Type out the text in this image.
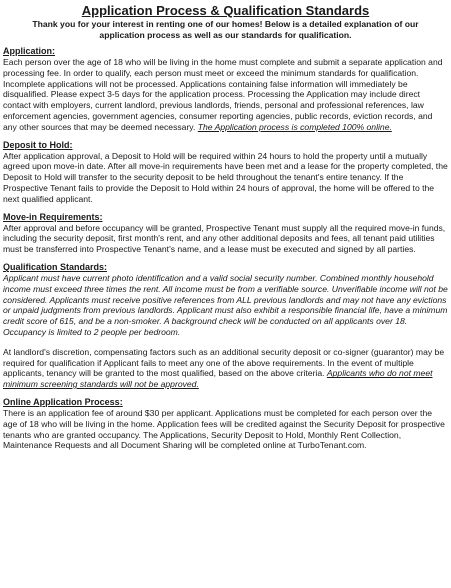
Application Process & Qualification Standards
Thank you for your interest in renting one of our homes! Below is a detailed explanation of our application process as well as our standards for qualification.
Application:

Each person over the age of 18 who will be living in the home must complete and submit a separate application and processing fee. In order to qualify, each person must meet or exceed the minimum standards for qualification. Incomplete applications will not be processed. Applications containing false information will immediately be disqualified. Please expect 3-5 days for the application process. Processing the Application may include direct contact with employers, current landlord, previous landlords, friends, personal and professional references, law enforcement agencies, government agencies, consumer reporting agencies, public records, eviction records, and any other sources that may be deemed necessary. The Application process is completed 100% online.

Deposit to Hold:

After application approval, a Deposit to Hold will be required within 24 hours to hold the property until a mutually agreed upon move-in date. After all move-in requirements have been met and a lease for the property completed, the Deposit to Hold will transfer to the security deposit to be held throughout the tenant's entire tenancy. If the Prospective Tenant fails to provide the Deposit to Hold within 24 hours of approval, the home will be offered to the next qualified applicant.

Move-in Requirements:

After approval and before occupancy will be granted, Prospective Tenant must supply all the required move-in funds, including the security deposit, first month's rent, and any other additional deposits and fees, all tenant paid utilities must be transferred into Prospective Tenant's name, and a lease must be executed and signed by all parties.

Qualification Standards:

Applicant must have current photo identification and a valid social security number. Combined monthly household income must exceed three times the rent. All income must be from a verifiable source. Unverifiable income will not be considered. Applicants must receive positive references from ALL previous landlords and may not have any evictions or unpaid judgments from previous landlords. Applicant must also exhibit a responsible financial life, have a minimum credit score of 615, and be a non-smoker. A background check will be conducted on all applicants over 18. Occupancy is limited to 2 people per bedroom.

At landlord's discretion, compensating factors such as an additional security deposit or co-signer (guarantor) may be required for qualification if Applicant fails to meet any one of the above requirements. In the event of multiple applicants, tenancy will be granted to the most qualified, based on the above criteria. Applicants who do not meet minimum screening standards will not be approved.

Online Application Process:

There is an application fee of around $30 per applicant. Applications must be completed for each person over the age of 18 who will be living in the home. Application fees will be credited against the Security Deposit for prospective tenants who are granted occupancy. The Applications, Security Deposit to Hold, Monthly Rent Collection, Maintenance Requests and all Document Sharing will be completed online at TurboTenant.com.
